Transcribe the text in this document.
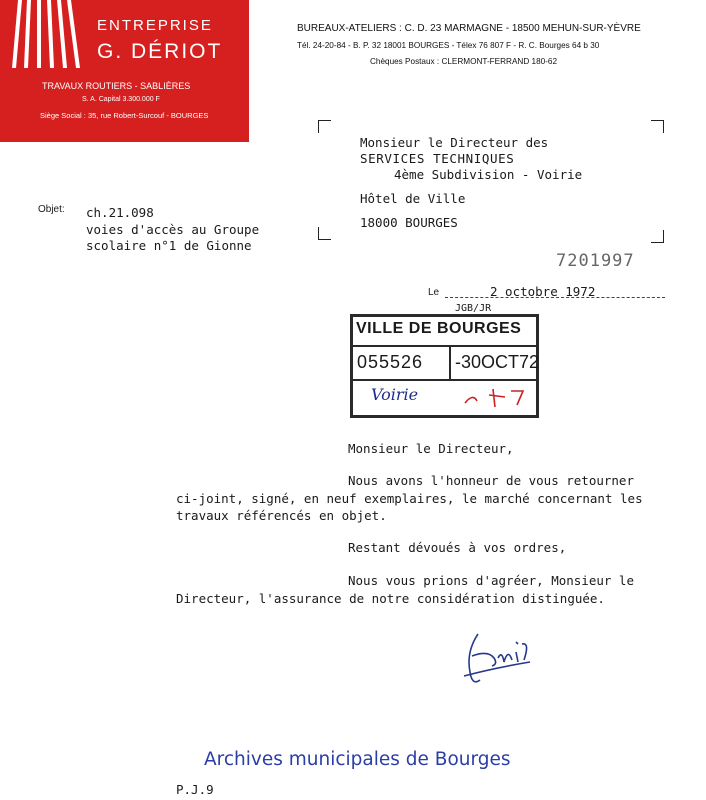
ENTREPRISE
G. DÉRIOT
TRAVAUX ROUTIERS - SABLIÈRES
S. A. Capital 3.300.000 F
Siège Social : 35, rue Robert-Surcouf - BOURGES
BUREAUX-ATELIERS : C. D. 23 MARMAGNE - 18500 MEHUN-SUR-YÈVRE
Tél. 24-20-84 - B. P. 32 18001 BOURGES - Télex 76 807 F - R. C. Bourges 64 b 30
Chèques Postaux : CLERMONT-FERRAND 180-62
Monsieur le Directeur des
SERVICES TECHNIQUES
4ème Subdivision - Voirie
Hôtel de Ville
18000 BOURGES
Objet: ch.21.098
voies d'accès au Groupe
scolaire n°1 de Gionne
7201997
Le	2 octobre 1972
JGB/JR
VILLE DE BOURGES
055526 -30OCT72
Voirie
Monsieur le Directeur,
Nous avons l'honneur de vous retourner
ci-joint, signé, en neuf exemplaires, le marché concernant les
travaux référencés en objet.
Restant dévoués à vos ordres,
Nous vous prions d'agréer, Monsieur le
Directeur, l'assurance de notre considération distinguée.
Archives municipales de Bourges
P.J.9
